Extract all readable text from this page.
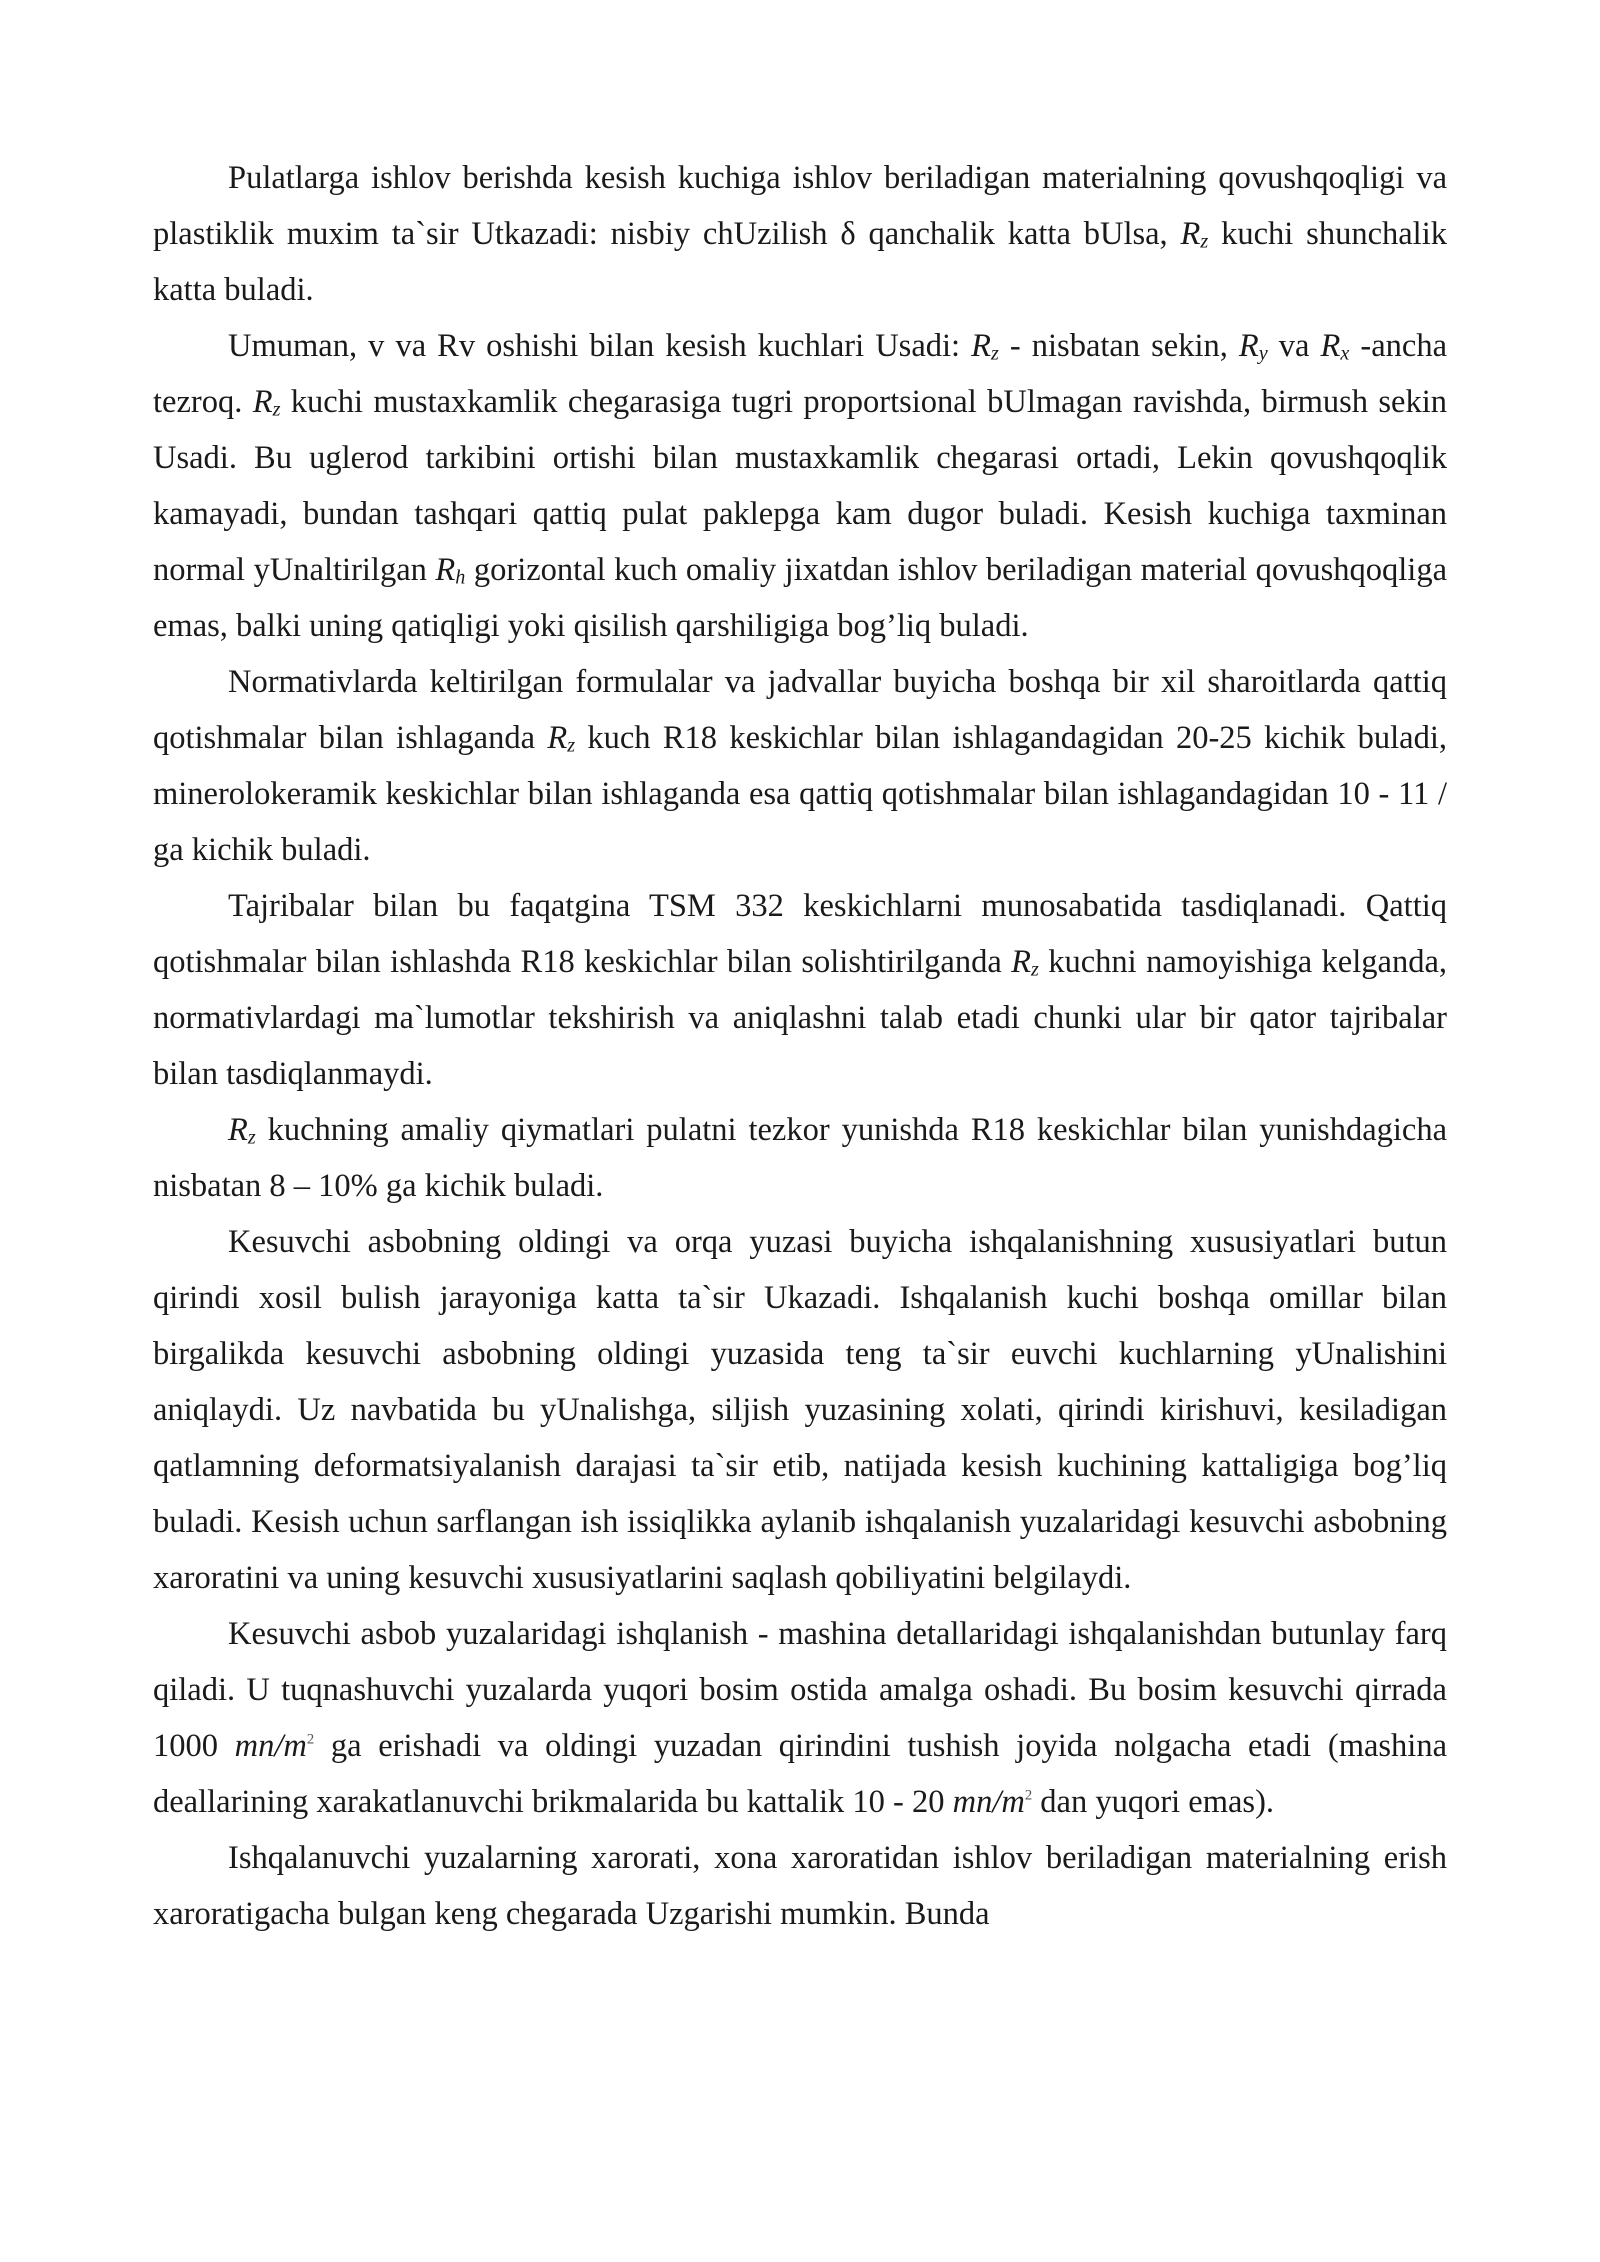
Pulatlarga ishlov berishda kesish kuchiga ishlov beriladigan materialning qovushqoqligi va plastiklik muxim ta`sir Utkazadi: nisbiy chUzilish δ qanchalik katta bUlsa, Rz kuchi shunchalik katta buladi.

Umuman, v va Rv oshishi bilan kesish kuchlari Usadi: Rz - nisbatan sekin, Ry va Rx -ancha tezroq. Rz kuchi mustaxkamlik chegarasiga tugri proportsional bUlmagan ravishda, birmush sekin Usadi. Bu uglerod tarkibini ortishi bilan mustaxkamlik chegarasi ortadi, Lekin qovushqoqlik kamayadi, bundan tashqari qattiq pulat paklepga kam dugor buladi. Kesish kuchiga taxminan normal yUnaltirilgan Rh gorizontal kuch omaliy jixatdan ishlov beriladigan material qovushqoqliga emas, balki uning qatiqligi yoki qisilish qarshiligiga bog’liq buladi.

Normativlarda keltirilgan formulalar va jadvallar buyicha boshqa bir xil sharoitlarda qattiq qotishmalar bilan ishlaganda Rz kuch R18 keskichlar bilan ishlagandagidan 20-25 kichik buladi, minerolokeramik keskichlar bilan ishlaganda esa qattiq qotishmalar bilan ishlagandagidan 10 - 11 / ga kichik buladi.

Tajribalar bilan bu faqatgina TSM 332 keskichlarni munosabatida tasdiqlanadi. Qattiq qotishmalar bilan ishlashda R18 keskichlar bilan solishtirilganda Rz kuchni namoyishiga kelganda, normativlardagi ma`lumotlar tekshirish va aniqlashni talab etadi chunki ular bir qator tajribalar bilan tasdiqlanmaydi.

Rz kuchning amaliy qiymatlari pulatni tezkor yunishda R18 keskichlar bilan yunishdagicha nisbatan 8 – 10% ga kichik buladi.

Kesuvchi asbobning oldingi va orqa yuzasi buyicha ishqalanishning xususiyatlari butun qirindi xosil bulish jarayoniga katta ta`sir Ukazadi. Ishqalanish kuchi boshqa omillar bilan birgalikda kesuvchi asbobning oldingi yuzasida teng ta`sir euvchi kuchlarning yUnalishini aniqlaydi. Uz navbatida bu yUnalishga, siljish yuzasining xolati, qirindi kirishuvi, kesiladigan qatlamning deformatsiyalanish darajasi ta`sir etib, natijada kesish kuchining kattaligiga bog’liq buladi. Kesish uchun sarflangan ish issiqlikka aylanib ishqalanish yuzalaridagi kesuvchi asbobning xaroratini va uning kesuvchi xususiyatlarini saqlash qobiliyatini belgilaydi.

Kesuvchi asbob yuzalaridagi ishqlanish - mashina detallaridagi ishqalanishdan butunlay farq qiladi. U tuqnashuvchi yuzalarda yuqori bosim ostida amalga oshadi. Bu bosim kesuvchi qirrada 1000 $mn/m^2$ ga erishadi va oldingi yuzadan qirindini tushish joyida nolgacha etadi (mashina deallarining xarakatlanuvchi brikmalarida bu kattalik 10 - 20 $mn/m^2$ dan yuqori emas).

Ishqalanuvchi yuzalarning xarorati, xona xaroratidan ishlov beriladigan materialning erish xaroratigacha bulgan keng chegarada Uzgarishi mumkin. Bunda
